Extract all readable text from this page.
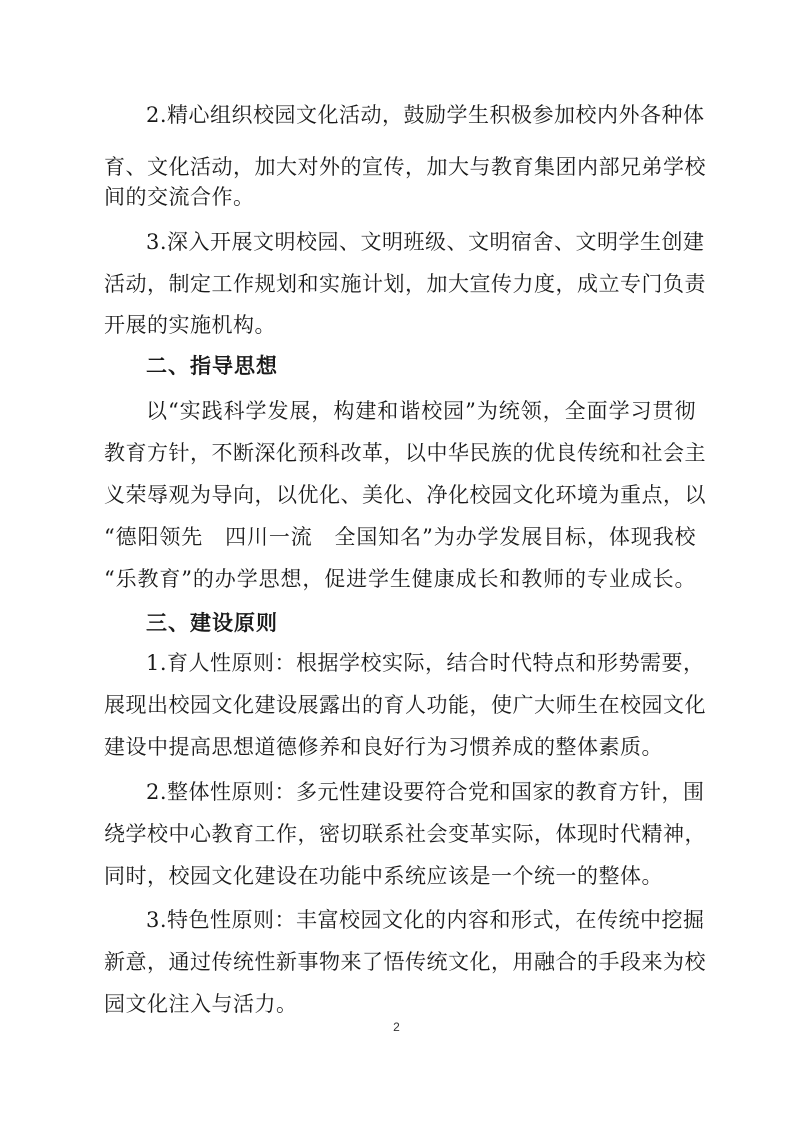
2.精心组织校园文化活动，鼓励学生积极参加校内外各种体
育、文化活动，加大对外的宣传，加大与教育集团内部兄弟学校
间的交流合作。
3.深入开展文明校园、文明班级、文明宿舍、文明学生创建
活动，制定工作规划和实施计划，加大宣传力度，成立专门负责
开展的实施机构。
二、指导思想
以“实践科学发展，构建和谐校园”为统领，全面学习贯彻
教育方针，不断深化预科改革，以中华民族的优良传统和社会主
义荣辱观为导向，以优化、美化、净化校园文化环境为重点，以
“德阳领先　四川一流　全国知名”为办学发展目标，体现我校
“乐教育”的办学思想，促进学生健康成长和教师的专业成长。
三、建设原则
1.育人性原则：根据学校实际，结合时代特点和形势需要，
展现出校园文化建设展露出的育人功能，使广大师生在校园文化
建设中提高思想道德修养和良好行为习惯养成的整体素质。
2.整体性原则：多元性建设要符合党和国家的教育方针，围
绕学校中心教育工作，密切联系社会变革实际，体现时代精神，
同时，校园文化建设在功能中系统应该是一个统一的整体。
3.特色性原则：丰富校园文化的内容和形式，在传统中挖掘
新意，通过传统性新事物来了悟传统文化，用融合的手段来为校
园文化注入与活力。
2
